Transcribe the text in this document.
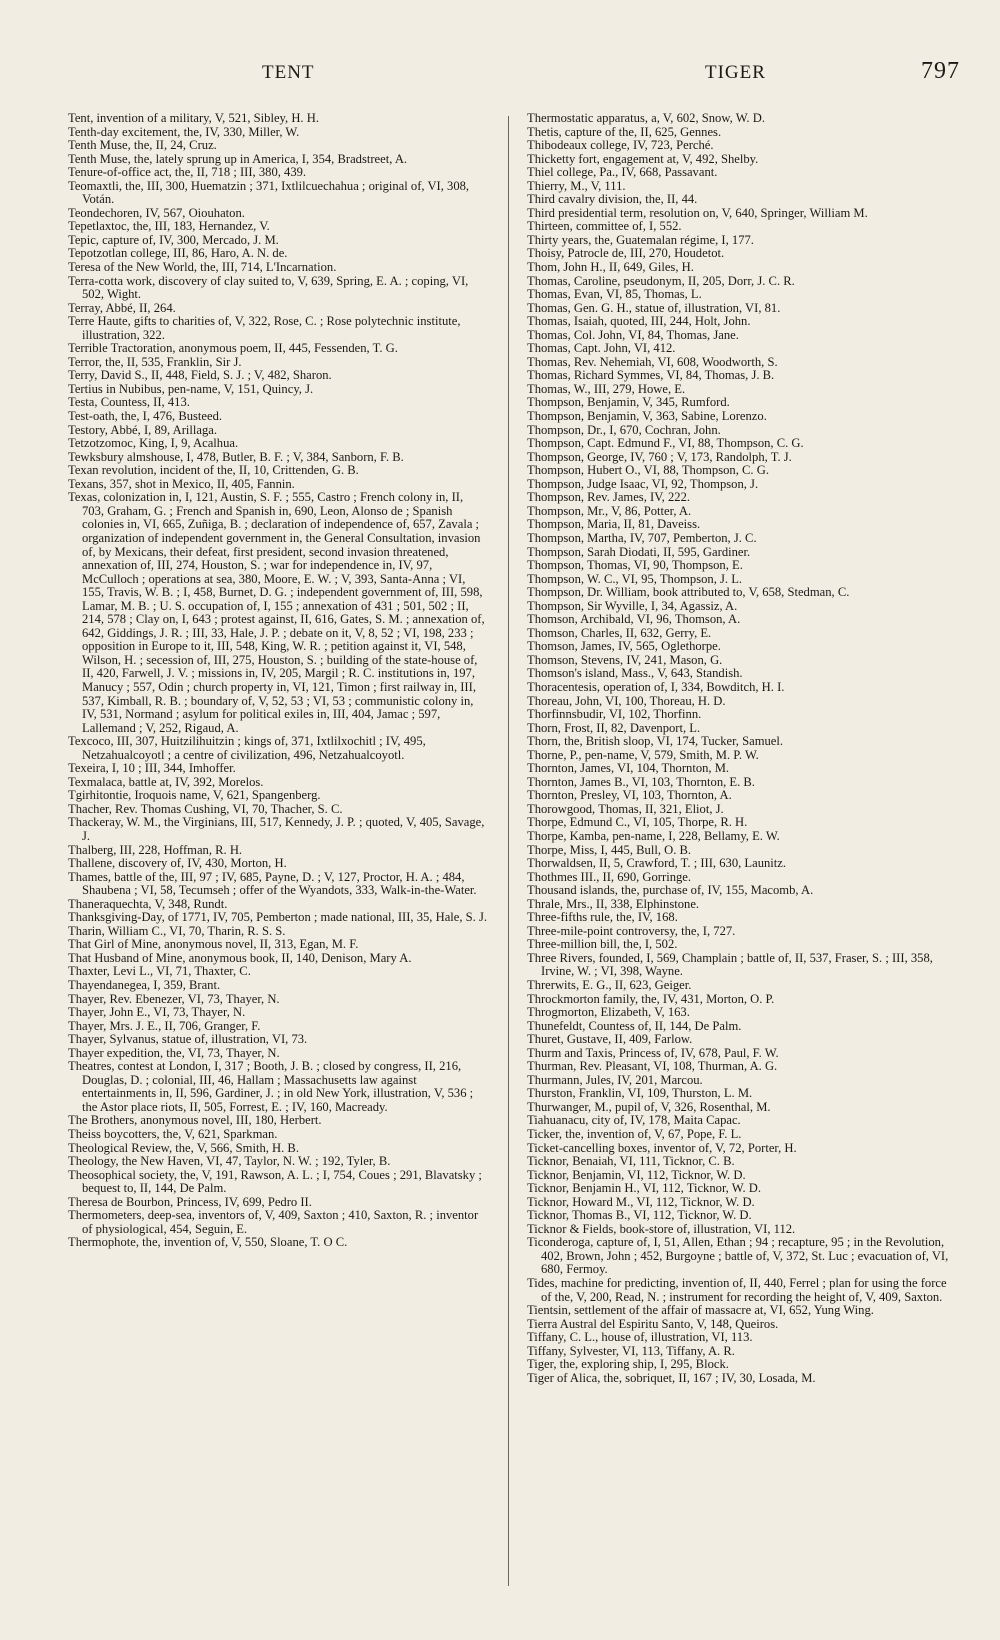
TENT	TIGER	797

Tent, invention of a military, V, 521, Sibley, H. H.

Tenth-day excitement, the, IV, 330, Miller, W.

Tenth Muse, the, II, 24, Cruz.

Tenth Muse, the, lately sprung up in America, I, 354, Bradstreet, A.

Tenure-of-office act, the, II, 718 ; III, 380, 439.

Teomaxtli, the, III, 300, Huematzin ; 371, Ixtlilcuechahua ; original of, VI, 308, Votán.

Teondechoren, IV, 567, Oiouhaton.

Tepetlaxtoc, the, III, 183, Hernandez, V.

Tepic, capture of, IV, 300, Mercado, J. M.

Tepotzotlan college, III, 86, Haro, A. N. de.

Teresa of the New World, the, III, 714, L'Incarnation.

Terra-cotta work, discovery of clay suited to, V, 639, Spring, E. A. ; coping, VI, 502, Wight.

Terray, Abbé, II, 264.

Terre Haute, gifts to charities of, V, 322, Rose, C. ; Rose polytechnic institute, illustration, 322.

Terrible Tractoration, anonymous poem, II, 445, Fessenden, T. G.

Terror, the, II, 535, Franklin, Sir J.

Terry, David S., II, 448, Field, S. J. ; V, 482, Sharon.

Tertius in Nubibus, pen-name, V, 151, Quincy, J.

Testa, Countess, II, 413.

Test-oath, the, I, 476, Busteed.

Testory, Abbé, I, 89, Arillaga.

Tetzotzomoc, King, I, 9, Acalhua.

Tewksbury almshouse, I, 478, Butler, B. F. ; V, 384, Sanborn, F. B.

Texan revolution, incident of the, II, 10, Crittenden, G. B.

Texans, 357, shot in Mexico, II, 405, Fannin.

Texas, colonization in, I, 121, Austin, S. F. ; 555, Castro ; French colony in, II, 703, Graham, G. ; French and Spanish in, 690, Leon, Alonso de ; Spanish colonies in, VI, 665, Zuñiga, B. ; declaration of independence of, 657, Zavala ; organization of independent government in, the General Consultation, invasion of, by Mexicans, their defeat, first president, second invasion threatened, annexation of, III, 274, Houston, S. ; war for independence in, IV, 97, McCulloch ; operations at sea, 380, Moore, E. W. ; V, 393, Santa-Anna ; VI, 155, Travis, W. B. ; I, 458, Burnet, D. G. ; independent government of, III, 598, Lamar, M. B. ; U. S. occupation of, I, 155 ; annexation of 431 ; 501, 502 ; II, 214, 578 ; Clay on, I, 643 ; protest against, II, 616, Gates, S. M. ; annexation of, 642, Giddings, J. R. ; III, 33, Hale, J. P. ; debate on it, V, 8, 52 ; VI, 198, 233 ; opposition in Europe to it, III, 548, King, W. R. ; petition against it, VI, 548, Wilson, H. ; secession of, III, 275, Houston, S. ; building of the state-house of, II, 420, Farwell, J. V. ; missions in, IV, 205, Margil ; R. C. institutions in, 197, Manucy ; 557, Odin ; church property in, VI, 121, Timon ; first railway in, III, 537, Kimball, R. B. ; boundary of, V, 52, 53 ; VI, 53 ; communistic colony in, IV, 531, Normand ; asylum for political exiles in, III, 404, Jamac ; 597, Lallemand ; V, 252, Rigaud, A.

Texcoco, III, 307, Huitzilihuitzin ; kings of, 371, Ixtlilxochitl ; IV, 495, Netzahualcoyotl ; a centre of civilization, 496, Netzahualcoyotl.

Texeira, I, 10 ; III, 344, Imhoffer.

Texmalaca, battle at, IV, 392, Morelos.

Tgirhitontie, Iroquois name, V, 621, Spangenberg.

Thacher, Rev. Thomas Cushing, VI, 70, Thacher, S. C.

Thackeray, W. M., the Virginians, III, 517, Kennedy, J. P. ; quoted, V, 405, Savage, J.

Thalberg, III, 228, Hoffman, R. H.

Thallene, discovery of, IV, 430, Morton, H.

Thames, battle of the, III, 97 ; IV, 685, Payne, D. ; V, 127, Proctor, H. A. ; 484, Shaubena ; VI, 58, Tecumseh ; offer of the Wyandots, 333, Walk-in-the-Water.

Thaneraquechta, V, 348, Rundt.

Thanksgiving-Day, of 1771, IV, 705, Pemberton ; made national, III, 35, Hale, S. J.

Tharin, William C., VI, 70, Tharin, R. S. S.

That Girl of Mine, anonymous novel, II, 313, Egan, M. F.

That Husband of Mine, anonymous book, II, 140, Denison, Mary A.

Thaxter, Levi L., VI, 71, Thaxter, C.

Thayendanegea, I, 359, Brant.

Thayer, Rev. Ebenezer, VI, 73, Thayer, N.

Thayer, John E., VI, 73, Thayer, N.

Thayer, Mrs. J. E., II, 706, Granger, F.

Thayer, Sylvanus, statue of, illustration, VI, 73.

Thayer expedition, the, VI, 73, Thayer, N.

Theatres, contest at London, I, 317 ; Booth, J. B. ; closed by congress, II, 216, Douglas, D. ; colonial, III, 46, Hallam ; Massachusetts law against entertainments in, II, 596, Gardiner, J. ; in old New York, illustration, V, 536 ; the Astor place riots, II, 505, Forrest, E. ; IV, 160, Macready.

The Brothers, anonymous novel, III, 180, Herbert.

Theiss boycotters, the, V, 621, Sparkman.

Theological Review, the, V, 566, Smith, H. B.

Theology, the New Haven, VI, 47, Taylor, N. W. ; 192, Tyler, B.

Theosophical society, the, V, 191, Rawson, A. L. ; I, 754, Coues ; 291, Blavatsky ; bequest to, II, 144, De Palm.

Theresa de Bourbon, Princess, IV, 699, Pedro II.

Thermometers, deep-sea, inventors of, V, 409, Saxton ; 410, Saxton, R. ; inventor of physiological, 454, Seguin, E.

Thermophote, the, invention of, V, 550, Sloane, T. O C.

Thermostatic apparatus, a, V, 602, Snow, W. D.

Thetis, capture of the, II, 625, Gennes.

Thibodeaux college, IV, 723, Perché.

Thicketty fort, engagement at, V, 492, Shelby.

Thiel college, Pa., IV, 668, Passavant.

Thierry, M., V, 111.

Third cavalry division, the, II, 44.

Third presidential term, resolution on, V, 640, Springer, William M.

Thirteen, committee of, I, 552.

Thirty years, the, Guatemalan régime, I, 177.

Thoisy, Patrocle de, III, 270, Houdetot.

Thom, John H., II, 649, Giles, H.

Thomas, Caroline, pseudonym, II, 205, Dorr, J. C. R.

Thomas, Evan, VI, 85, Thomas, L.

Thomas, Gen. G. H., statue of, illustration, VI, 81.

Thomas, Isaiah, quoted, III, 244, Holt, John.

Thomas, Col. John, VI, 84, Thomas, Jane.

Thomas, Capt. John, VI, 412.

Thomas, Rev. Nehemiah, VI, 608, Woodworth, S.

Thomas, Richard Symmes, VI, 84, Thomas, J. B.

Thomas, W., III, 279, Howe, E.

Thompson, Benjamin, V, 345, Rumford.

Thompson, Benjamin, V, 363, Sabine, Lorenzo.

Thompson, Dr., I, 670, Cochran, John.

Thompson, Capt. Edmund F., VI, 88, Thompson, C. G.

Thompson, George, IV, 760 ; V, 173, Randolph, T. J.

Thompson, Hubert O., VI, 88, Thompson, C. G.

Thompson, Judge Isaac, VI, 92, Thompson, J.

Thompson, Rev. James, IV, 222.

Thompson, Mr., V, 86, Potter, A.

Thompson, Maria, II, 81, Daveiss.

Thompson, Martha, IV, 707, Pemberton, J. C.

Thompson, Sarah Diodati, II, 595, Gardiner.

Thompson, Thomas, VI, 90, Thompson, E.

Thompson, W. C., VI, 95, Thompson, J. L.

Thompson, Dr. William, book attributed to, V, 658, Stedman, C.

Thompson, Sir Wyville, I, 34, Agassiz, A.

Thomson, Archibald, VI, 96, Thomson, A.

Thomson, Charles, II, 632, Gerry, E.

Thomson, James, IV, 565, Oglethorpe.

Thomson, Stevens, IV, 241, Mason, G.

Thomson's island, Mass., V, 643, Standish.

Thoracentesis, operation of, I, 334, Bowditch, H. I.

Thoreau, John, VI, 100, Thoreau, H. D.

Thorfinnsbudir, VI, 102, Thorfinn.

Thorn, Frost, II, 82, Davenport, L.

Thorn, the, British sloop, VI, 174, Tucker, Samuel.

Thorne, P., pen-name, V, 579, Smith, M. P. W.

Thornton, James, VI, 104, Thornton, M.

Thornton, James B., VI, 103, Thornton, E. B.

Thornton, Presley, VI, 103, Thornton, A.

Thorowgood, Thomas, II, 321, Eliot, J.

Thorpe, Edmund C., VI, 105, Thorpe, R. H.

Thorpe, Kamba, pen-name, I, 228, Bellamy, E. W.

Thorpe, Miss, I, 445, Bull, O. B.

Thorwaldsen, II, 5, Crawford, T. ; III, 630, Launitz.

Thothmes III., II, 690, Gorringe.

Thousand islands, the, purchase of, IV, 155, Macomb, A.

Thrale, Mrs., II, 338, Elphinstone.

Three-fifths rule, the, IV, 168.

Three-mile-point controversy, the, I, 727.

Three-million bill, the, I, 502.

Three Rivers, founded, I, 569, Champlain ; battle of, II, 537, Fraser, S. ; III, 358, Irvine, W. ; VI, 398, Wayne.

Threrwits, E. G., II, 623, Geiger.

Throckmorton family, the, IV, 431, Morton, O. P.

Throgmorton, Elizabeth, V, 163.

Thunefeldt, Countess of, II, 144, De Palm.

Thuret, Gustave, II, 409, Farlow.

Thurm and Taxis, Princess of, IV, 678, Paul, F. W.

Thurman, Rev. Pleasant, VI, 108, Thurman, A. G.

Thurmann, Jules, IV, 201, Marcou.

Thurston, Franklin, VI, 109, Thurston, L. M.

Thurwanger, M., pupil of, V, 326, Rosenthal, M.

Tiahuanacu, city of, IV, 178, Maita Capac.

Ticker, the, invention of, V, 67, Pope, F. L.

Ticket-cancelling boxes, inventor of, V, 72, Porter, H.

Ticknor, Benaiah, VI, 111, Ticknor, C. B.

Ticknor, Benjamin, VI, 112, Ticknor, W. D.

Ticknor, Benjamin H., VI, 112, Ticknor, W. D.

Ticknor, Howard M., VI, 112, Ticknor, W. D.

Ticknor, Thomas B., VI, 112, Ticknor, W. D.

Ticknor & Fields, book-store of, illustration, VI, 112.

Ticonderoga, capture of, I, 51, Allen, Ethan ; 94 ; recapture, 95 ; in the Revolution, 402, Brown, John ; 452, Burgoyne ; battle of, V, 372, St. Luc ; evacuation of, VI, 680, Fermoy.

Tides, machine for predicting, invention of, II, 440, Ferrel ; plan for using the force of the, V, 200, Read, N. ; instrument for recording the height of, V, 409, Saxton.

Tientsin, settlement of the affair of massacre at, VI, 652, Yung Wing.

Tierra Austral del Espiritu Santo, V, 148, Queiros.

Tiffany, C. L., house of, illustration, VI, 113.

Tiffany, Sylvester, VI, 113, Tiffany, A. R.

Tiger, the, exploring ship, I, 295, Block.

Tiger of Alica, the, sobriquet, II, 167 ; IV, 30, Losada, M.
